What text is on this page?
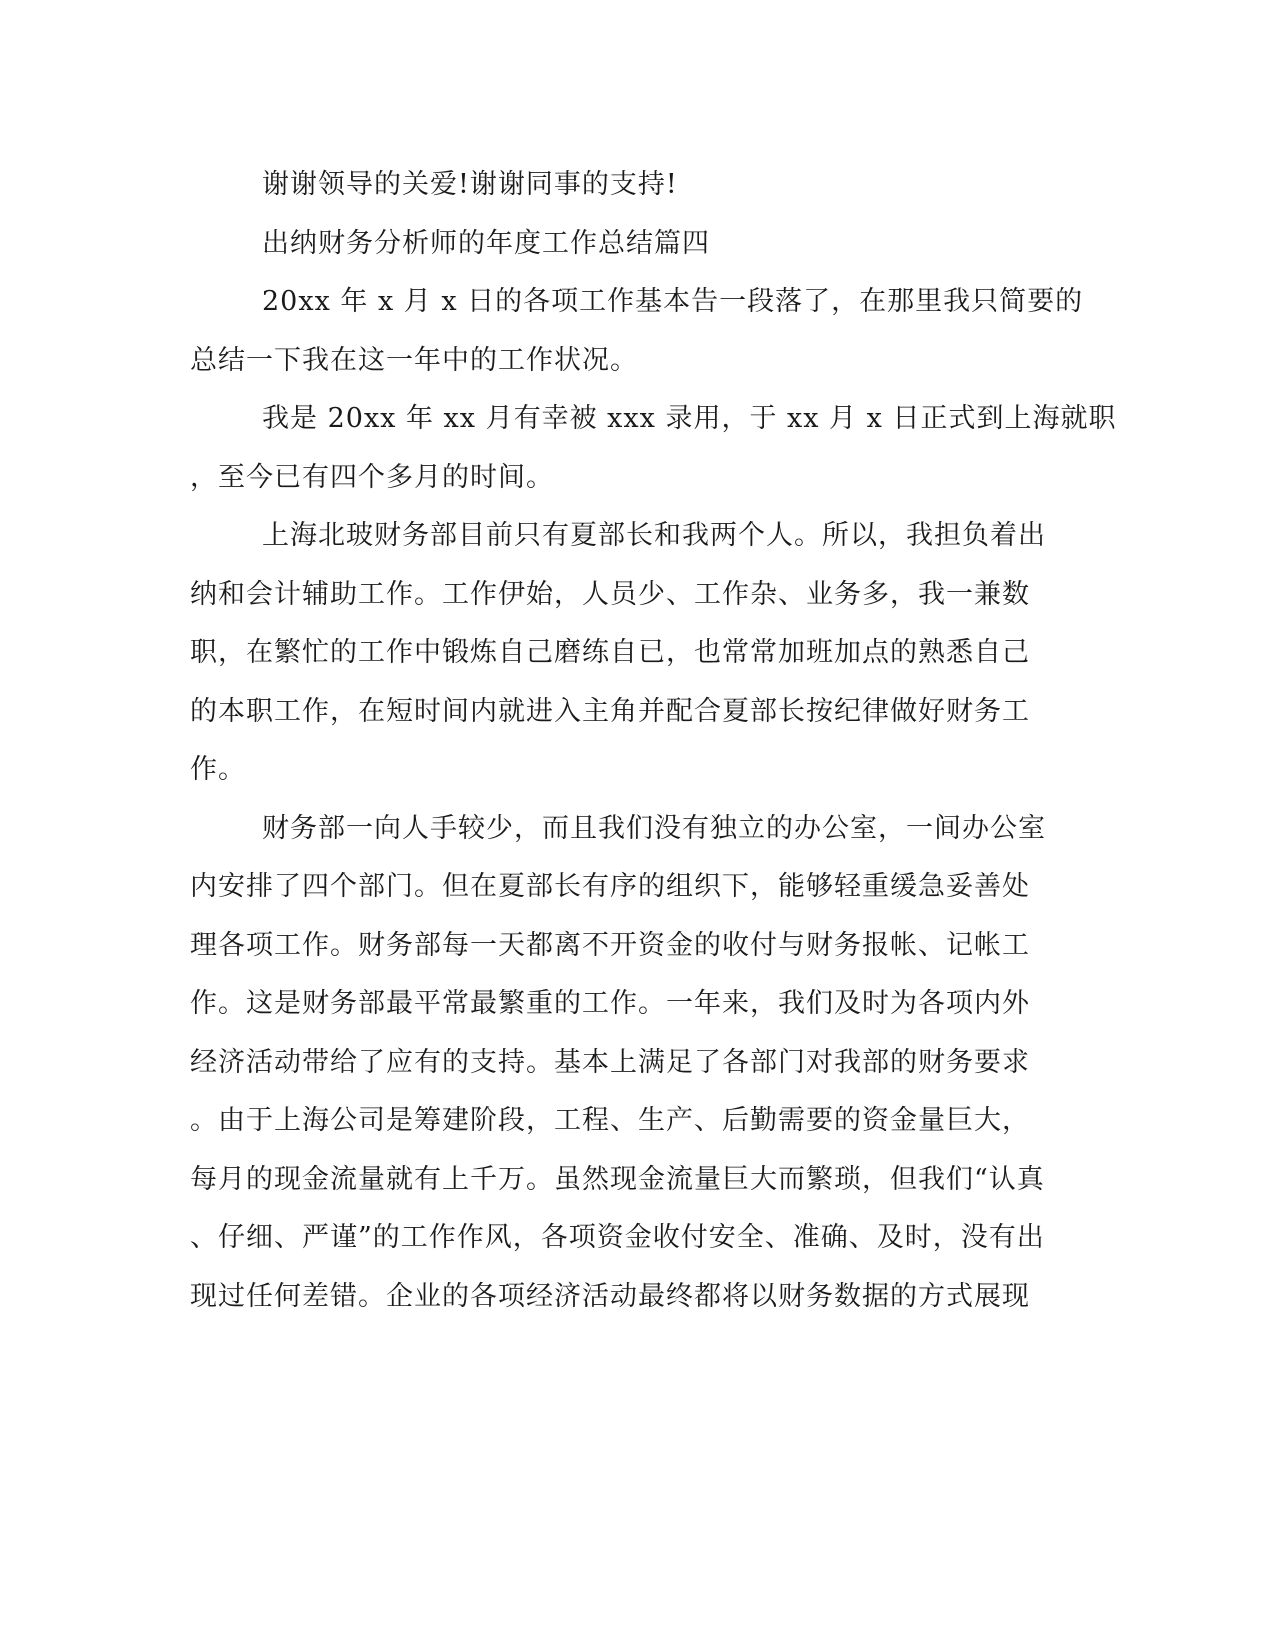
谢谢领导的关爱!谢谢同事的支持!
出纳财务分析师的年度工作总结篇四
20xx 年 x 月 x 日的各项工作基本告一段落了，在那里我只简要的
总结一下我在这一年中的工作状况。
我是 20xx 年 xx 月有幸被 xxx 录用，于 xx 月 x 日正式到上海就职
，至今已有四个多月的时间。
上海北玻财务部目前只有夏部长和我两个人。所以，我担负着出
纳和会计辅助工作。工作伊始，人员少、工作杂、业务多，我一兼数
职，在繁忙的工作中锻炼自己磨练自已，也常常加班加点的熟悉自己
的本职工作，在短时间内就进入主角并配合夏部长按纪律做好财务工
作。
财务部一向人手较少，而且我们没有独立的办公室，一间办公室
内安排了四个部门。但在夏部长有序的组织下，能够轻重缓急妥善处
理各项工作。财务部每一天都离不开资金的收付与财务报帐、记帐工
作。这是财务部最平常最繁重的工作。一年来，我们及时为各项内外
经济活动带给了应有的支持。基本上满足了各部门对我部的财务要求
。由于上海公司是筹建阶段，工程、生产、后勤需要的资金量巨大，
每月的现金流量就有上千万。虽然现金流量巨大而繁琐，但我们“认真
、仔细、严谨”的工作作风，各项资金收付安全、准确、及时，没有出
现过任何差错。企业的各项经济活动最终都将以财务数据的方式展现
